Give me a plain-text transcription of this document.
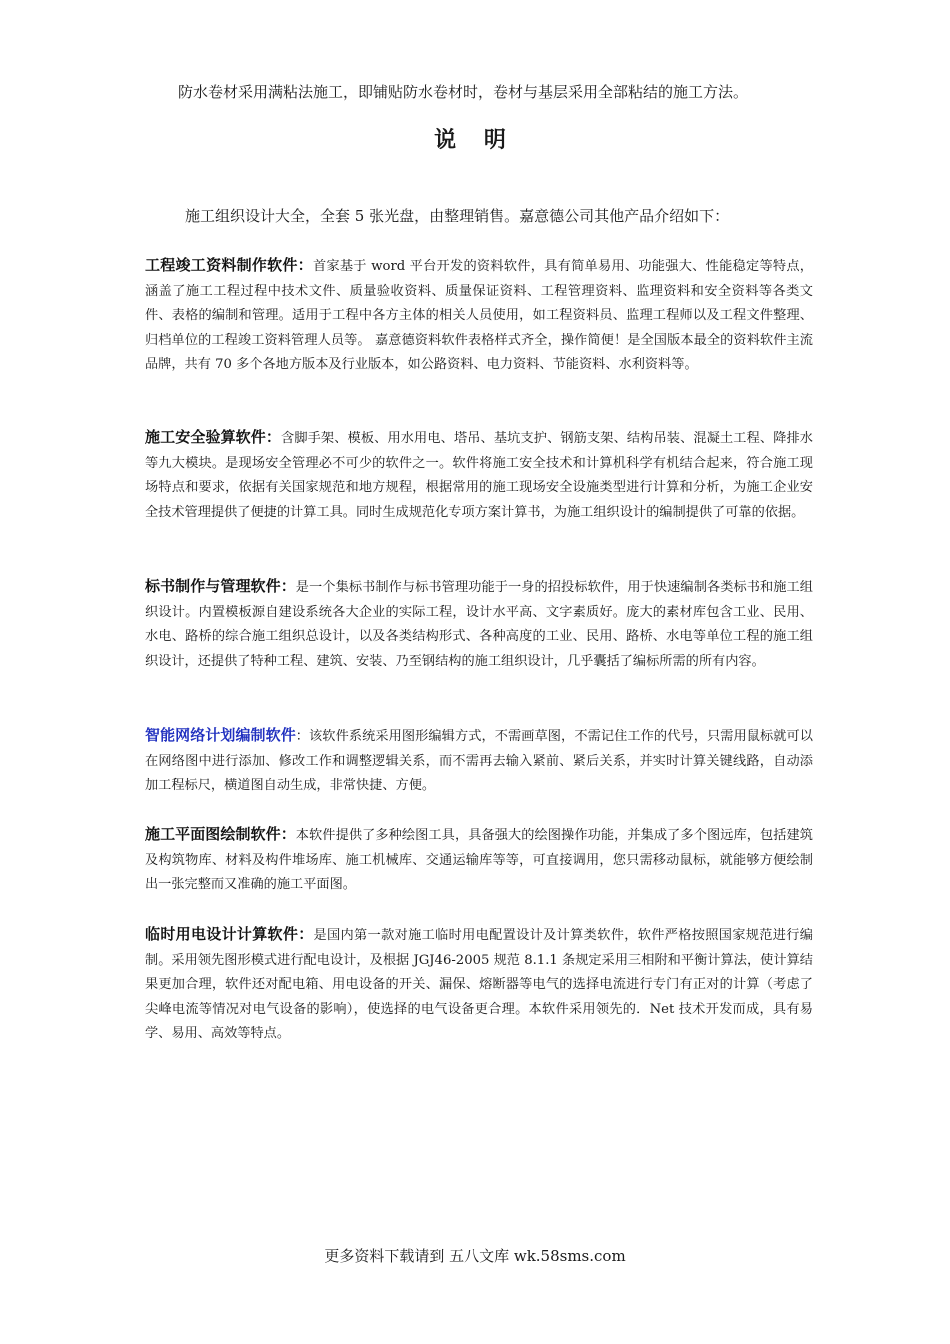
防水卷材采用满粘法施工，即铺贴防水卷材时，卷材与基层采用全部粘结的施工方法。
说 明
施工组织设计大全，全套 5 张光盘，由整理销售。嘉意德公司其他产品介绍如下：
工程竣工资料制作软件：首家基于 word 平台开发的资料软件，具有简单易用、功能强大、性能稳定等特点，涵盖了施工工程过程中技术文件、质量验收资料、质量保证资料、工程管理资料、监理资料和安全资料等各类文件、表格的编制和管理。适用于工程中各方主体的相关人员使用，如工程资料员、监理工程师以及工程文件整理、归档单位的工程竣工资料管理人员等。 嘉意德资料软件表格样式齐全，操作简便！是全国版本最全的资料软件主流品牌，共有 70 多个各地方版本及行业版本，如公路资料、电力资料、节能资料、水利资料等。
施工安全验算软件：含脚手架、模板、用水用电、塔吊、基坑支护、钢筋支架、结构吊装、混凝土工程、降排水等九大模块。是现场安全管理必不可少的软件之一。软件将施工安全技术和计算机科学有机结合起来，符合施工现场特点和要求，依据有关国家规范和地方规程，根据常用的施工现场安全设施类型进行计算和分析，为施工企业安全技术管理提供了便捷的计算工具。同时生成规范化专项方案计算书，为施工组织设计的编制提供了可靠的依据。
标书制作与管理软件：是一个集标书制作与标书管理功能于一身的招投标软件，用于快速编制各类标书和施工组织设计。内置模板源自建设系统各大企业的实际工程，设计水平高、文字素质好。庞大的素材库包含工业、民用、水电、路桥的综合施工组织总设计，以及各类结构形式、各种高度的工业、民用、路桥、水电等单位工程的施工组织设计，还提供了特种工程、建筑、安装、乃至钢结构的施工组织设计，几乎囊括了编标所需的所有内容。
智能网络计划编制软件：该软件系统采用图形编辑方式，不需画草图，不需记住工作的代号，只需用鼠标就可以在网络图中进行添加、修改工作和调整逻辑关系，而不需再去输入紧前、紧后关系，并实时计算关键线路，自动添加工程标尺，横道图自动生成，非常快捷、方便。
施工平面图绘制软件：本软件提供了多种绘图工具，具备强大的绘图操作功能，并集成了多个图远库，包括建筑及构筑物库、材料及构件堆场库、施工机械库、交通运输库等等，可直接调用，您只需移动鼠标，就能够方便绘制出一张完整而又准确的施工平面图。
临时用电设计计算软件：是国内第一款对施工临时用电配置设计及计算类软件，软件严格按照国家规范进行编制。采用领先图形模式进行配电设计，及根据 JGJ46-2005 规范 8.1.1 条规定采用三相附和平衡计算法，使计算结果更加合理，软件还对配电箱、用电设备的开关、漏保、熔断器等电气的选择电流进行专门有正对的计算（考虑了尖峰电流等情况对电气设备的影响），使选择的电气设备更合理。本软件采用领先的．Net 技术开发而成，具有易学、易用、高效等特点。
更多资料下载请到 五八文库 wk.58sms.com
